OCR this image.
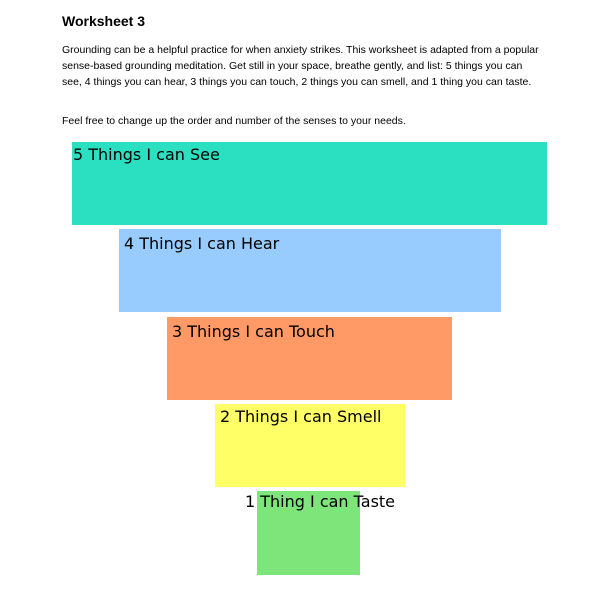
Worksheet 3

Grounding can be a helpful practice for when anxiety strikes. This worksheet is adapted from a popular sense-based grounding meditation. Get still in your space, breathe gently, and list: 5 things you can see, 4 things you can hear, 3 things you can touch, 2 things you can smell, and 1 thing you can taste.

Feel free to change up the order and number of the senses to your needs.

5 Things I can See
4 Things I can Hear
3 Things I can Touch
2 Things I can Smell
1 Thing I can Taste
